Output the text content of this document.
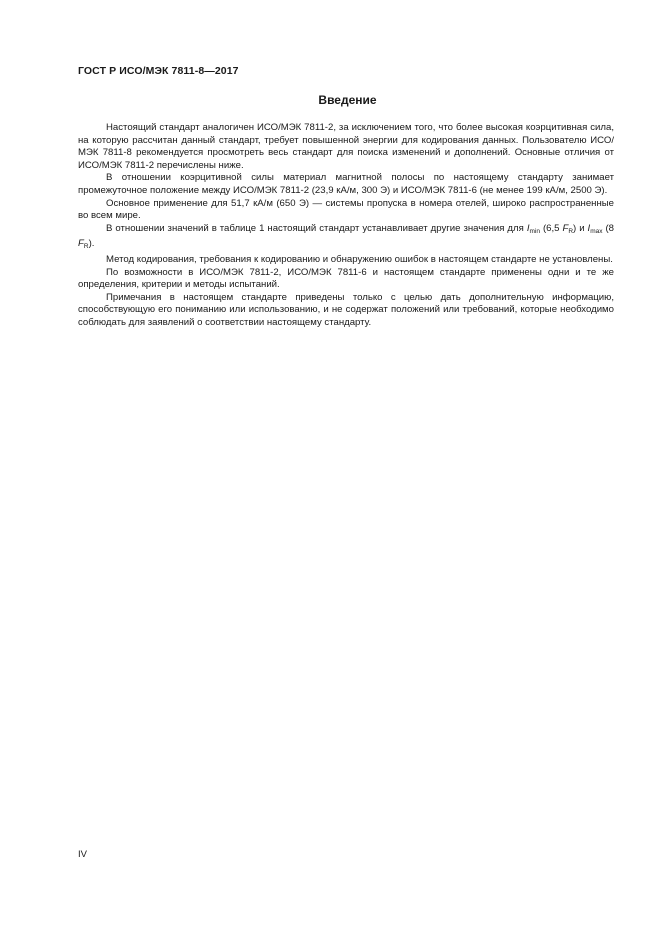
ГОСТ Р ИСО/МЭК 7811-8—2017
Введение

Настоящий стандарт аналогичен ИСО/МЭК 7811-2, за исключением того, что более высокая коэрцитивная сила, на которую рассчитан данный стандарт, требует повышенной энергии для кодирования данных. Пользователю ИСО/МЭК 7811-8 рекомендуется просмотреть весь стандарт для поиска изменений и дополнений. Основные отличия от ИСО/МЭК 7811-2 перечислены ниже.

В отношении коэрцитивной силы материал магнитной полосы по настоящему стандарту занимает промежуточное положение между ИСО/МЭК 7811-2 (23,9 кА/м, 300 Э) и ИСО/МЭК 7811-6 (не менее 199 кА/м, 2500 Э).

Основное применение для 51,7 кА/м (650 Э) — системы пропуска в номера отелей, широко распространенные во всем мире.

В отношении значений в таблице 1 настоящий стандарт устанавливает другие значения для $I_{min}$ (6,5 $F_R$) и $I_{max}$ (8 $F_R$).

Метод кодирования, требования к кодированию и обнаружению ошибок в настоящем стандарте не установлены.

По возможности в ИСО/МЭК 7811-2, ИСО/МЭК 7811-6 и настоящем стандарте применены одни и те же определения, критерии и методы испытаний.

Примечания в настоящем стандарте приведены только с целью дать дополнительную информацию, способствующую его пониманию или использованию, и не содержат положений или требований, которые необходимо соблюдать для заявлений о соответствии настоящему стандарту.

IV
